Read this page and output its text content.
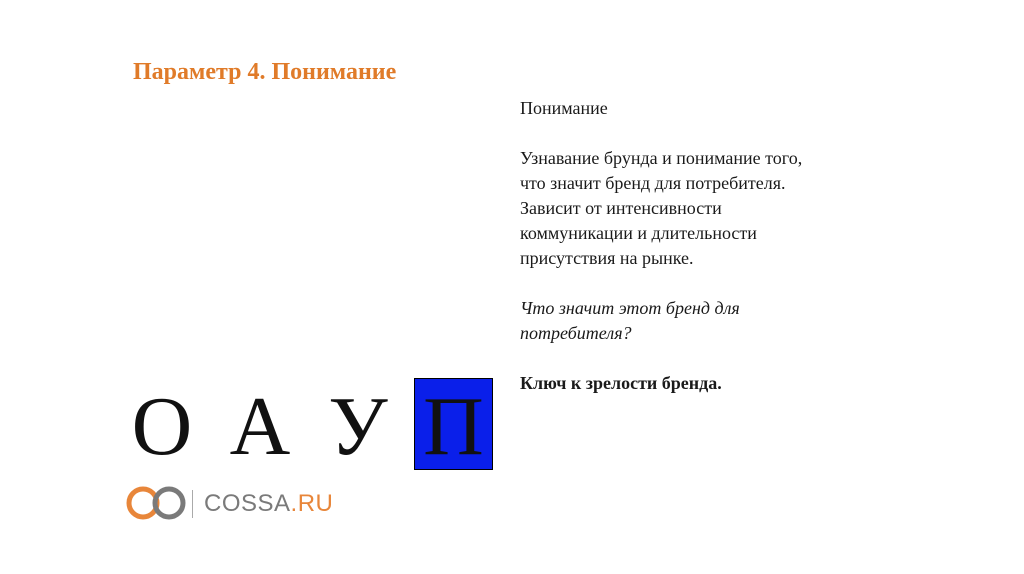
Параметр 4. Понимание

Понимание

Узнавание брунда и понимание того,

что значит бренд для потребителя.

Зависит от интенсивности

коммуникации и длительности

присутствия на рынке.

Что значит этот бренд для

потребителя?

Ключ к зрелости бренда.

О А У П
COSSA.RU
